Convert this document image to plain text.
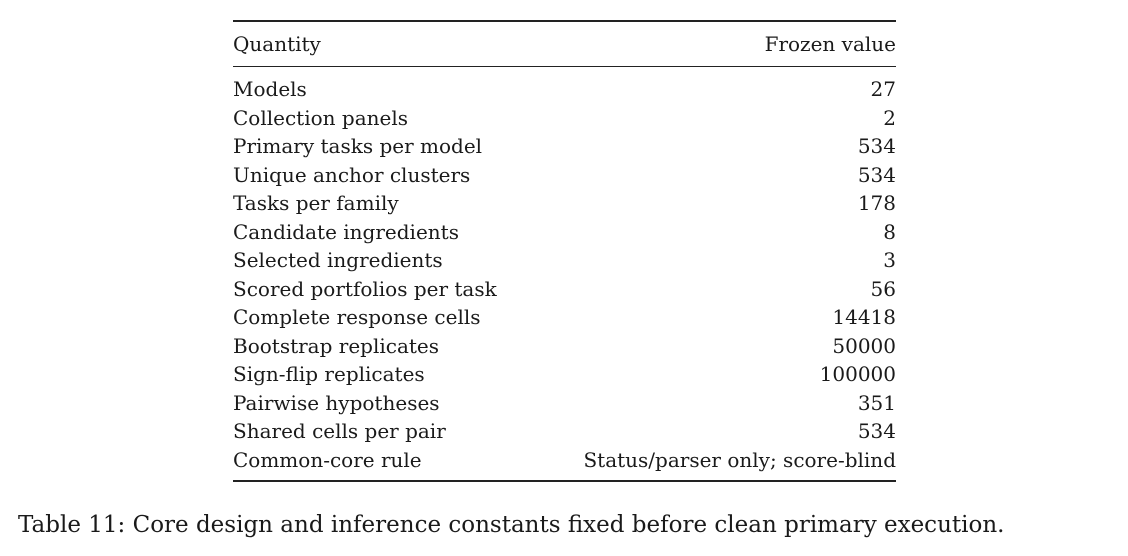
Quantity	Frozen value
Models	27
Collection panels	2
Primary tasks per model	534
Unique anchor clusters	534
Tasks per family	178
Candidate ingredients	8
Selected ingredients	3
Scored portfolios per task	56
Complete response cells	14418
Bootstrap replicates	50000
Sign-flip replicates	100000
Pairwise hypotheses	351
Shared cells per pair	534
Common-core rule	Status/parser only; score-blind
Table 11: Core design and inference constants fixed before clean primary execution.
